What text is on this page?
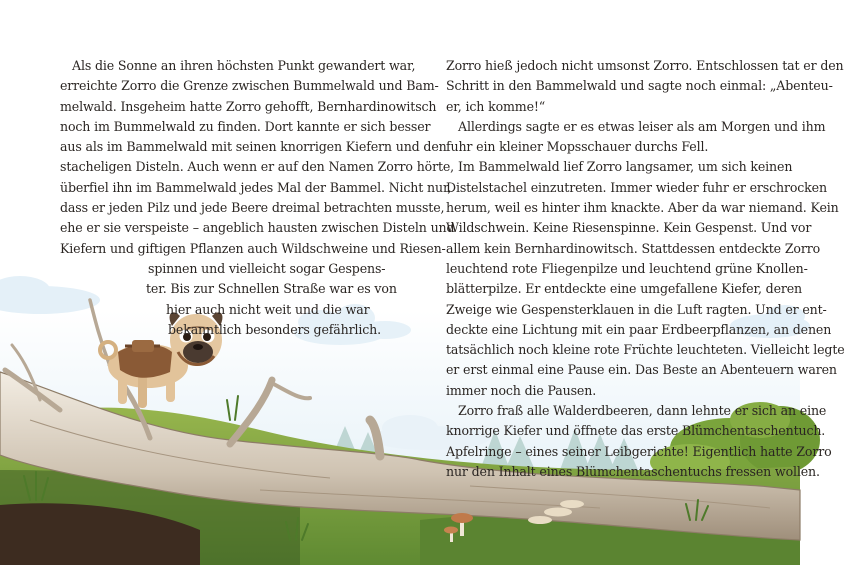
Als die Sonne an ihren höchsten Punkt gewandert war,
erreichte Zorro die Grenze zwischen Bummelwald und Bam-
melwald. Insgeheim hatte Zorro gehofft, Bernhardinowitsch
noch im Bummelwald zu finden. Dort kannte er sich besser
aus als im Bammelwald mit seinen knorrigen Kiefern und den
stacheligen Disteln. Auch wenn er auf den Namen Zorro hörte,
überfiel ihn im Bammelwald jedes Mal der Bammel. Nicht nur,
dass er jeden Pilz und jede Beere dreimal betrachten musste,
ehe er sie verspeiste – angeblich hausten zwischen Disteln und
Kiefern und giftigen Pflanzen auch Wildschweine und Riesen-
spinnen und vielleicht sogar Gespens-
ter. Bis zur Schnellen Straße war es von
hier auch nicht weit und die war
bekanntlich besonders gefährlich.
Zorro hieß jedoch nicht umsonst Zorro. Entschlossen tat er den
Schritt in den Bammelwald und sagte noch einmal: „Abenteu-
er, ich komme!“
Allerdings sagte er es etwas leiser als am Morgen und ihm
fuhr ein kleiner Mopsschauer durchs Fell.
Im Bammelwald lief Zorro langsamer, um sich keinen
Distelstachel einzutreten. Immer wieder fuhr er erschrocken
herum, weil es hinter ihm knackte. Aber da war niemand. Kein
Wildschwein. Keine Riesenspinne. Kein Gespenst. Und vor
allem kein Bernhardinowitsch. Stattdessen entdeckte Zorro
leuchtend rote Fliegenpilze und leuchtend grüne Knollen-
blätterpilze. Er entdeckte eine umgefallene Kiefer, deren
Zweige wie Gespensterklauen in die Luft ragten. Und er ent-
deckte eine Lichtung mit ein paar Erdbeerpflanzen, an denen
tatsächlich noch kleine rote Früchte leuchteten. Vielleicht legte
er erst einmal eine Pause ein. Das Beste an Abenteuern waren
immer noch die Pausen.
Zorro fraß alle Walderdbeeren, dann lehnte er sich an eine
knorrige Kiefer und öffnete das erste Blümchentaschentuch.
Apfelringe – eines seiner Leibgerichte! Eigentlich hatte Zorro
nur den Inhalt eines Blümchentaschentuchs fressen wollen.
